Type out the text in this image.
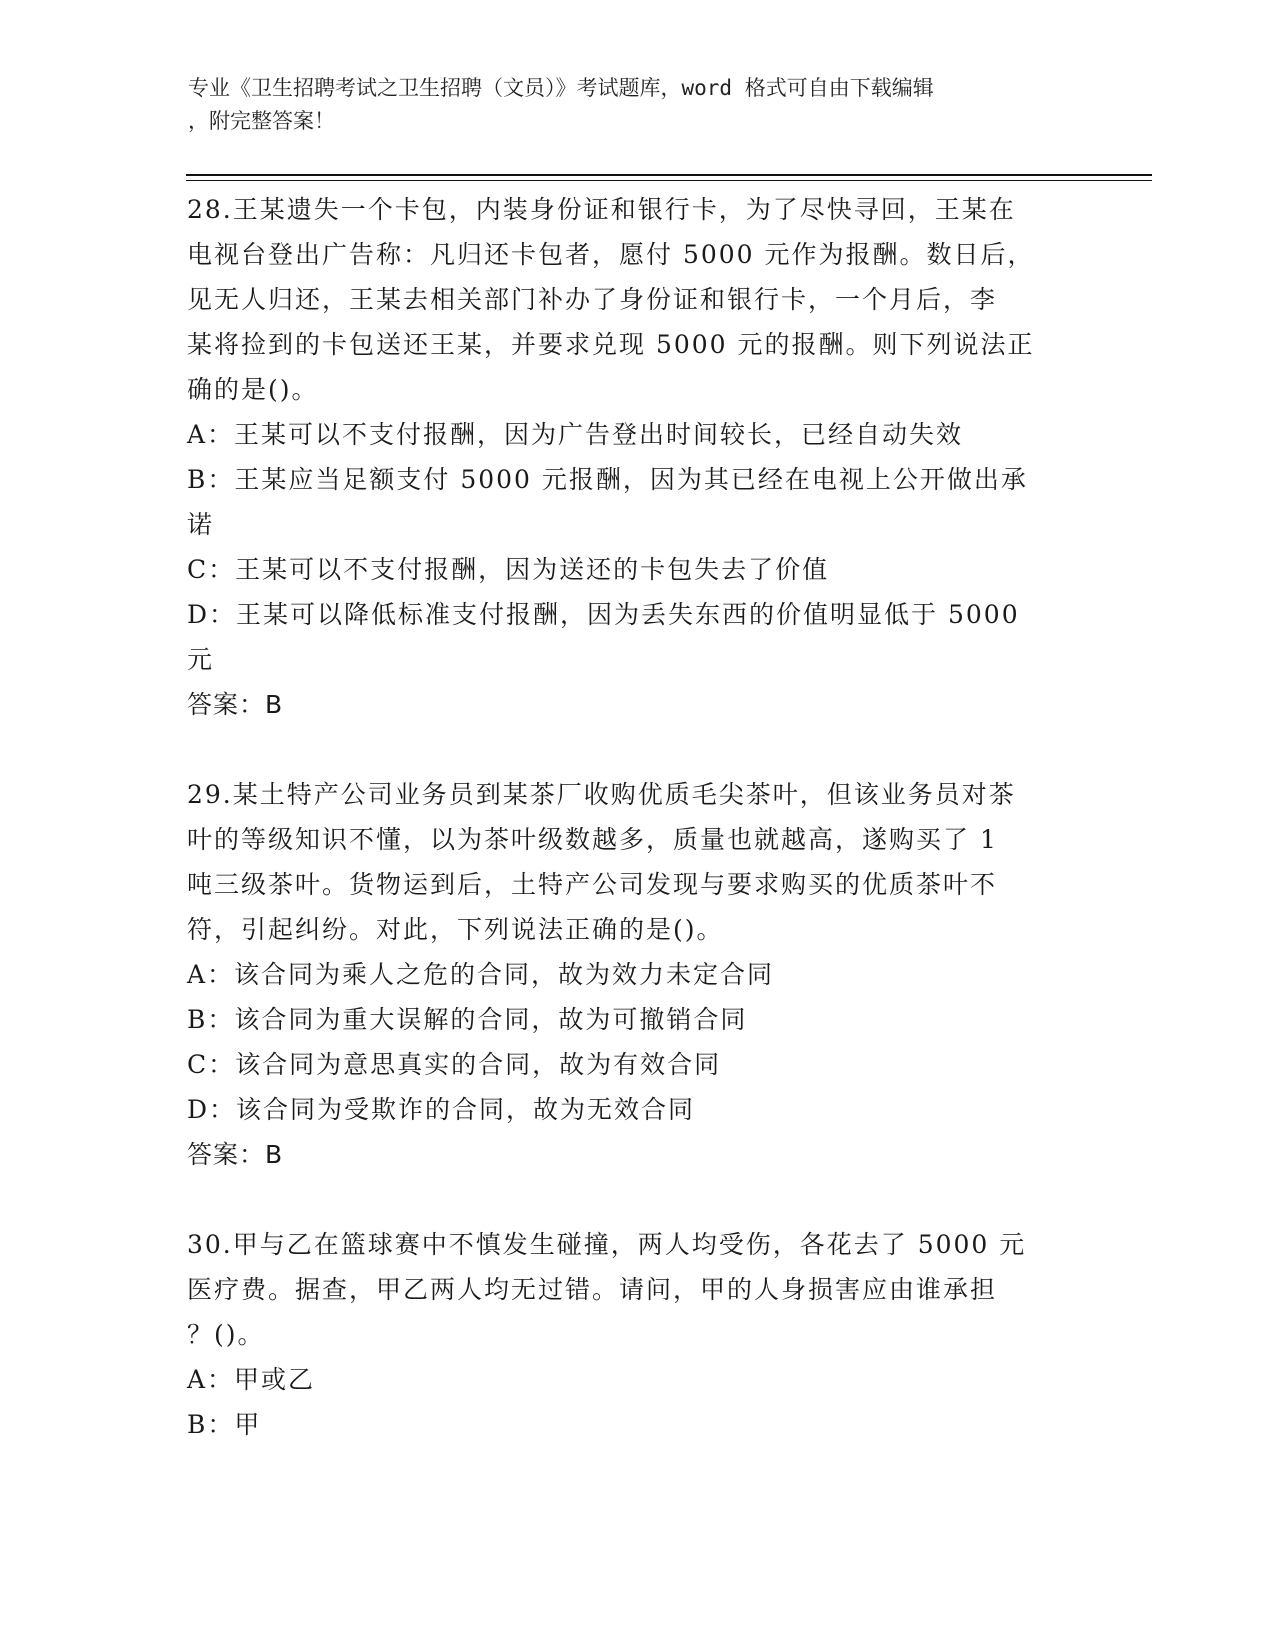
专业《卫生招聘考试之卫生招聘（文员）》考试题库，word 格式可自由下载编辑
，附完整答案！
28.王某遗失一个卡包，内装身份证和银行卡，为了尽快寻回，王某在
电视台登出广告称：凡归还卡包者，愿付 5000 元作为报酬。数日后，
见无人归还，王某去相关部门补办了身份证和银行卡，一个月后，李
某将捡到的卡包送还王某，并要求兑现 5000 元的报酬。则下列说法正
确的是()。
A：王某可以不支付报酬，因为广告登出时间较长，已经自动失效
B：王某应当足额支付 5000 元报酬，因为其已经在电视上公开做出承
诺
C：王某可以不支付报酬，因为送还的卡包失去了价值
D：王某可以降低标准支付报酬，因为丢失东西的价值明显低于 5000
元
答案：B
29.某土特产公司业务员到某茶厂收购优质毛尖茶叶，但该业务员对茶
叶的等级知识不懂，以为茶叶级数越多，质量也就越高，遂购买了 1
吨三级茶叶。货物运到后，土特产公司发现与要求购买的优质茶叶不
符，引起纠纷。对此，下列说法正确的是()。
A：该合同为乘人之危的合同，故为效力未定合同
B：该合同为重大误解的合同，故为可撤销合同
C：该合同为意思真实的合同，故为有效合同
D：该合同为受欺诈的合同，故为无效合同
答案：B
30.甲与乙在篮球赛中不慎发生碰撞，两人均受伤，各花去了 5000 元
医疗费。据查，甲乙两人均无过错。请问，甲的人身损害应由谁承担
？()。
A：甲或乙
B：甲
